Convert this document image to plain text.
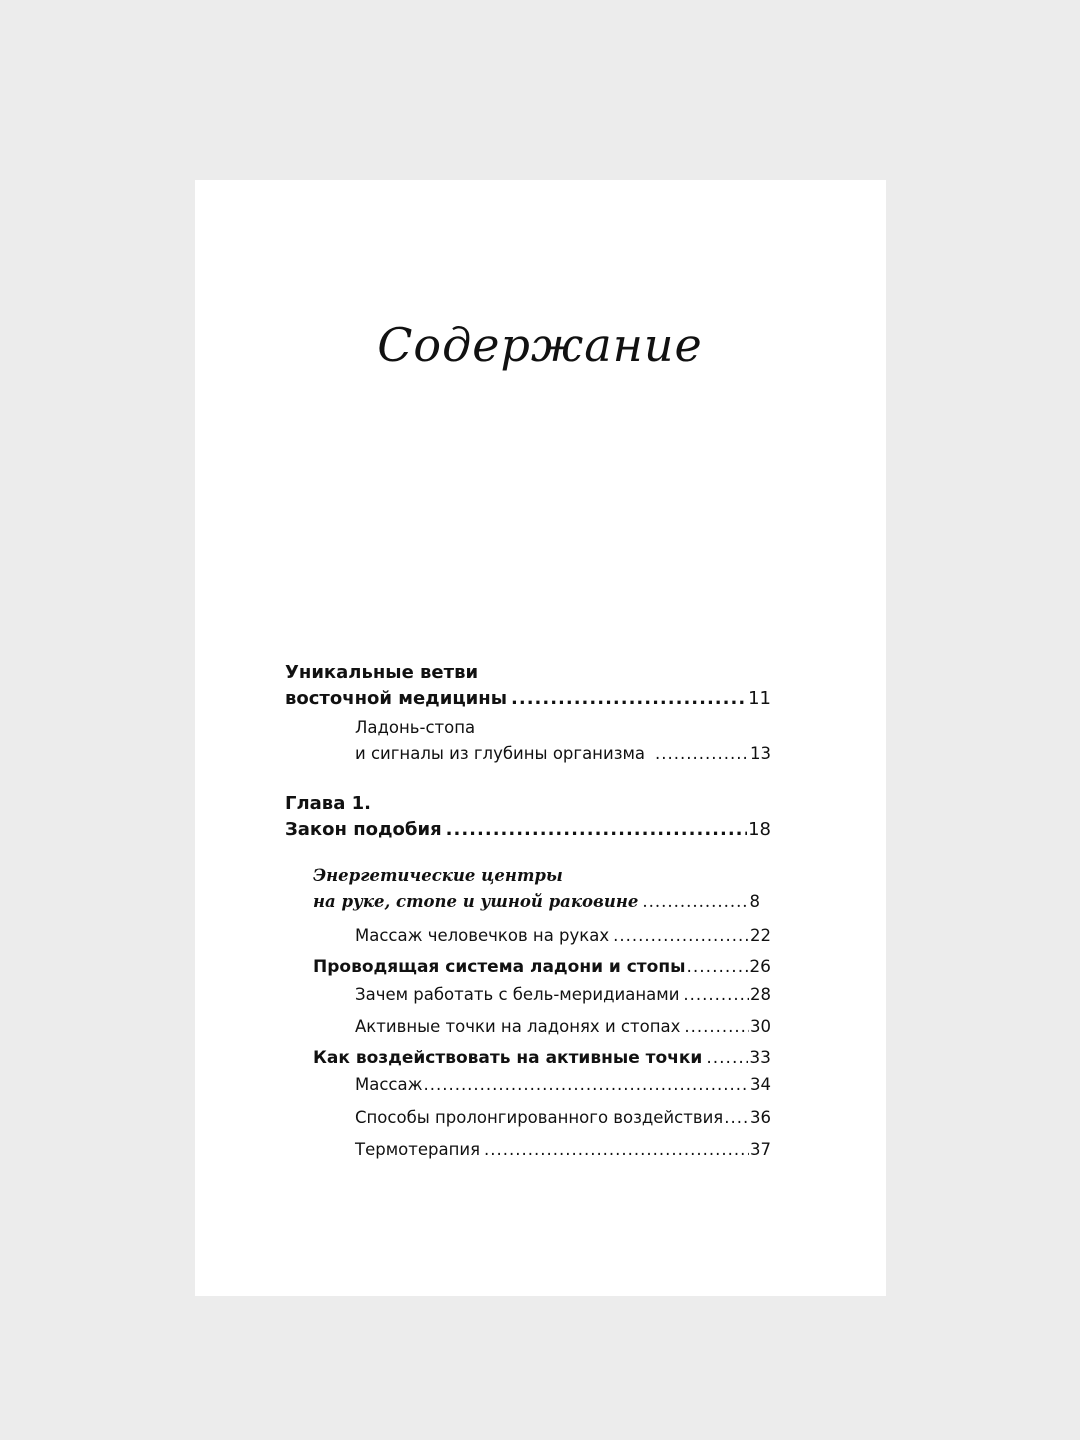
Содержание
Уникальные ветви
восточной медицины .....	11
Ладонь-стопа
и сигналы из глубины организма .....	13
Глава 1.
Закон подобия .....	18
Энергетические центры
на руке, стопе и ушной раковине .....	8
Массаж человечков на руках .....	22
Проводящая система ладони и стопы .....	26
Зачем работать с бель-меридианами .....	28
Активные точки на ладонях и стопах .....	30
Как воздействовать на активные точки .....	33
Массаж .....	34
Способы пролонгированного воздействия ..... 36
Термотерапия .....	37
